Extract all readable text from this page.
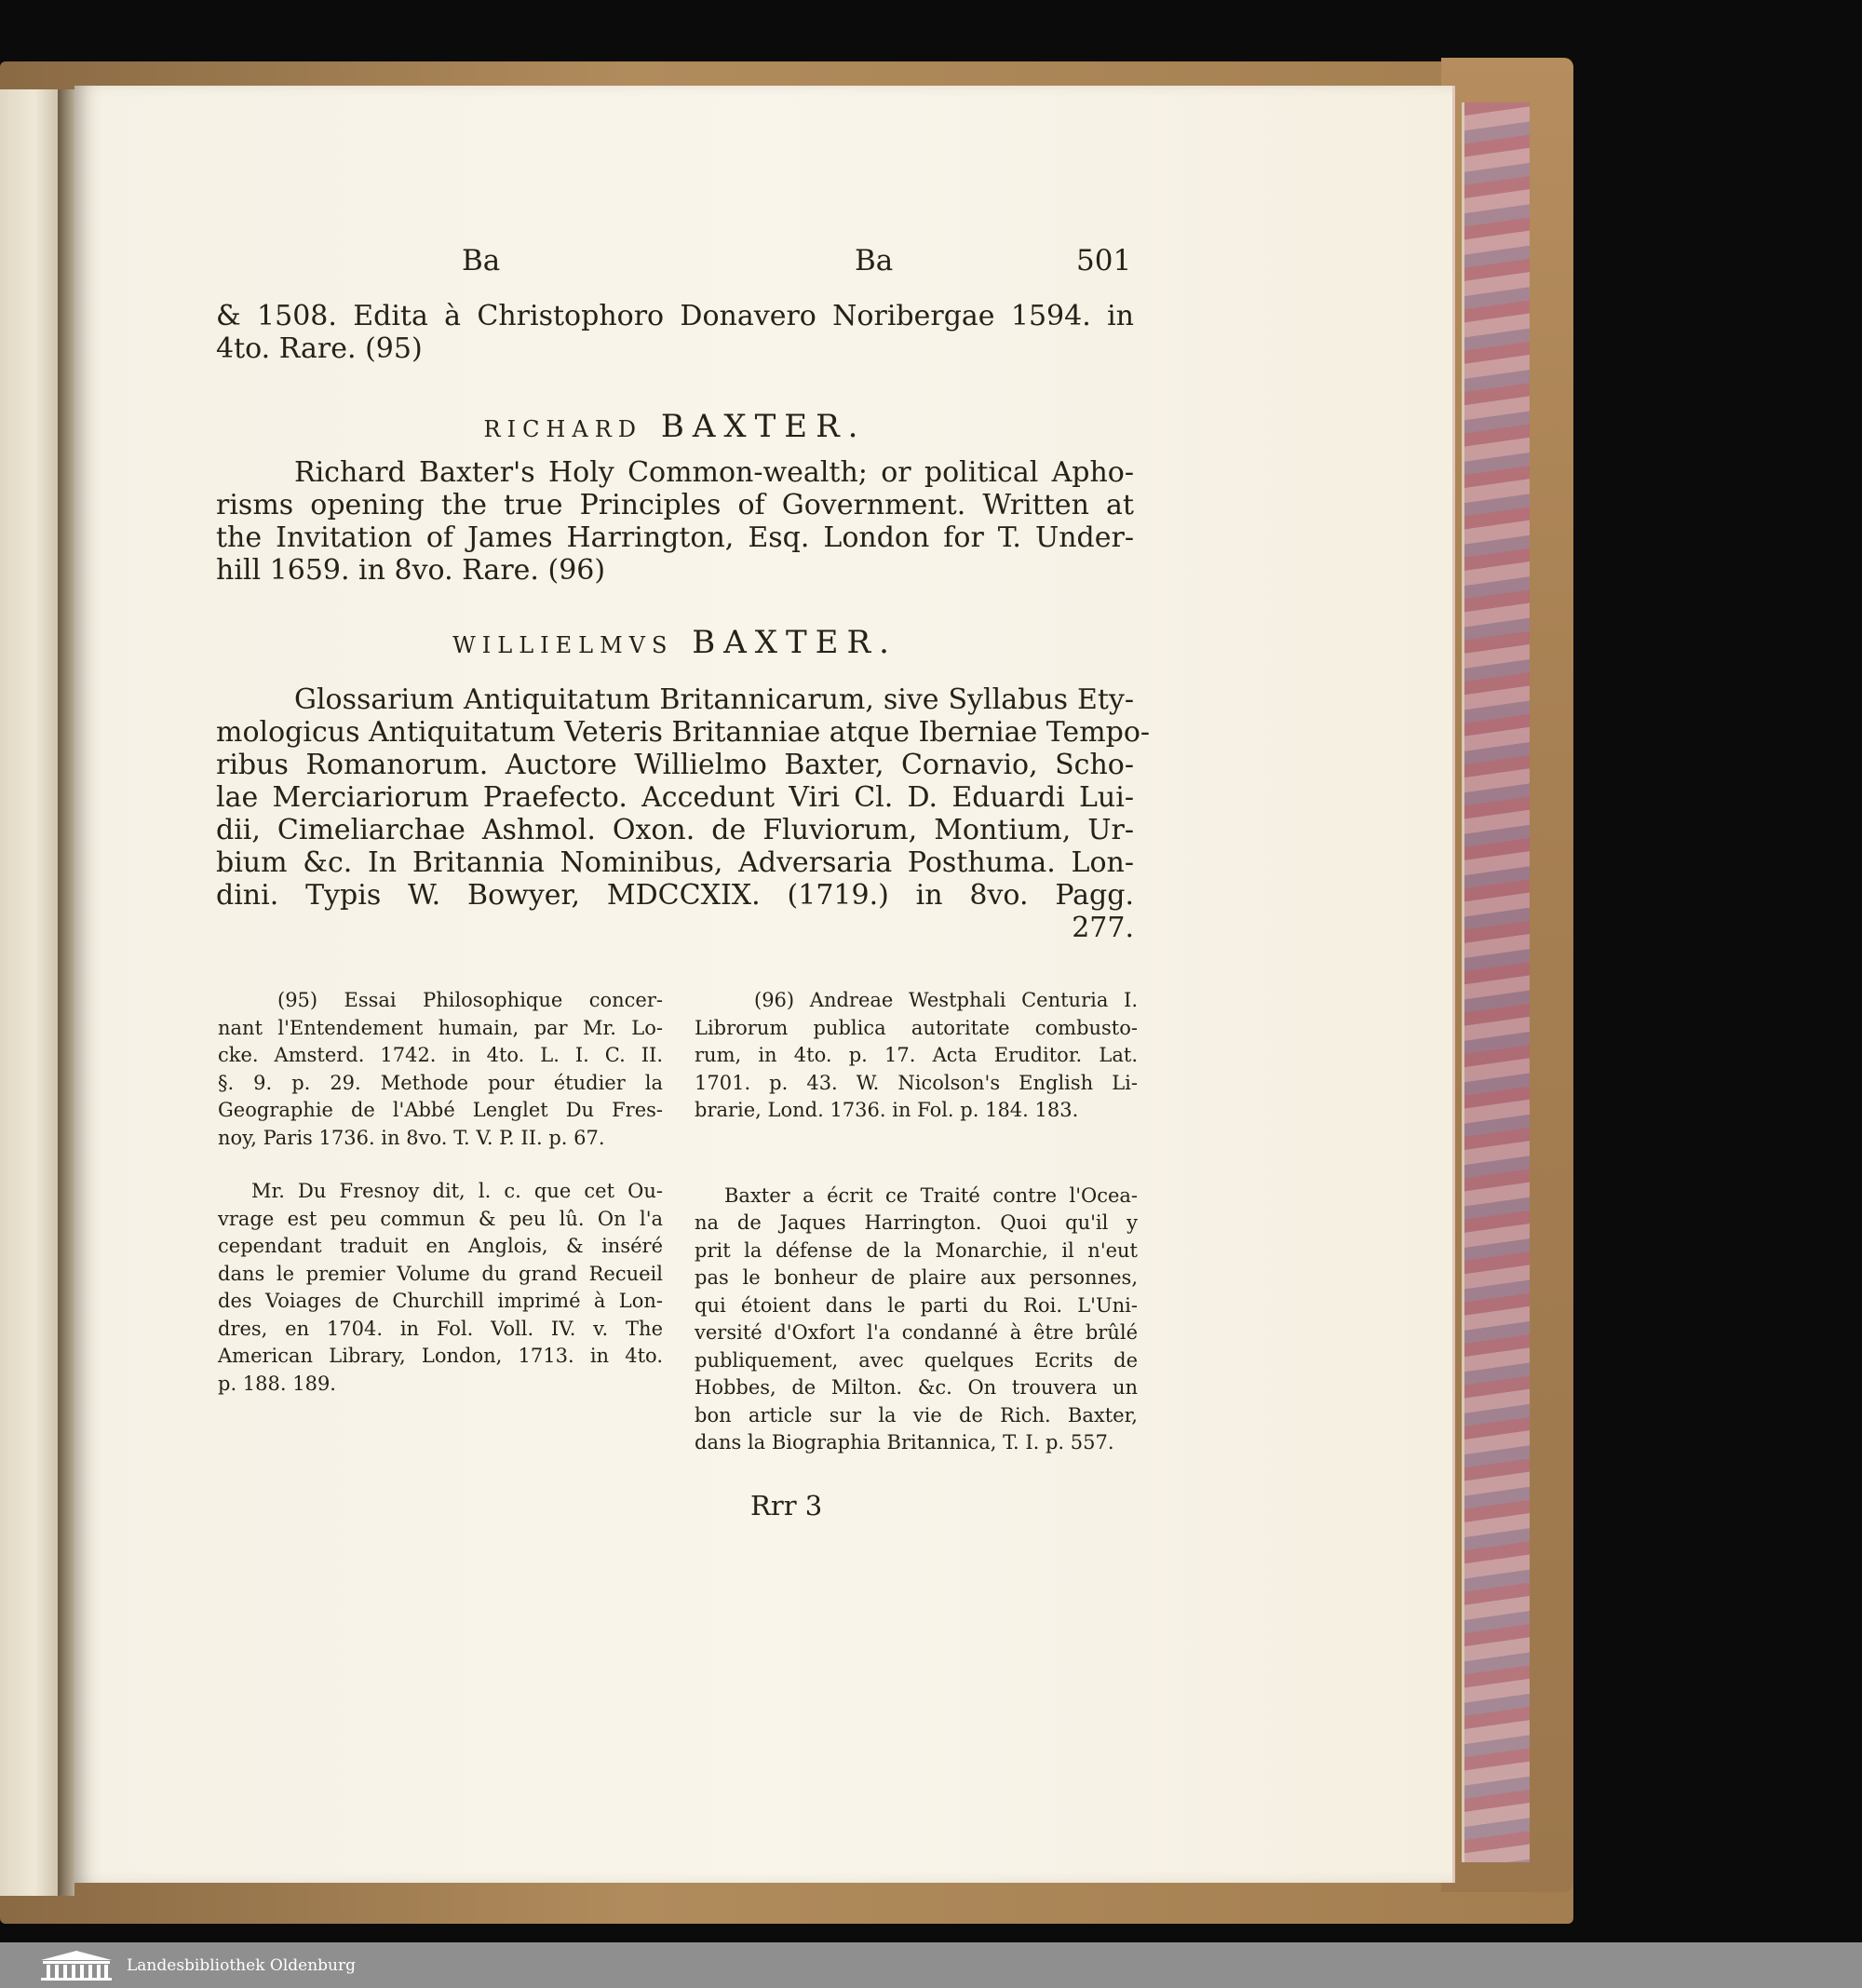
Ba	Ba	501
& 1508. Edita à Christophoro Donavero Noribergae 1594. in
4to. Rare. (95)
RICHARD BAXTER.
Richard Baxter's Holy Common-wealth; or political Apho-
risms opening the true Principles of Government. Written at
the Invitation of James Harrington, Esq. London for T. Under-
hill 1659. in 8vo. Rare. (96)
WILLIELMVS BAXTER.
Glossarium Antiquitatum Britannicarum, sive Syllabus Ety-
mologicus Antiquitatum Veteris Britanniae atque Iberniae Tempo-
ribus Romanorum. Auctore Willielmo Baxter, Cornavio, Scho-
lae Merciariorum Praefecto. Accedunt Viri Cl. D. Eduardi Lui-
dii, Cimeliarchae Ashmol. Oxon. de Fluviorum, Montium, Ur-
bium &c. In Britannia Nominibus, Adversaria Posthuma. Lon-
dini. Typis W. Bowyer, MDCCXIX. (1719.) in 8vo. Pagg.
277.
(95) Essai Philosophique concer-
nant l'Entendement humain, par Mr. Lo-
cke. Amsterd. 1742. in 4to. L. I. C. II.
§. 9. p. 29. Methode pour étudier la
Geographie de l'Abbé Lenglet Du Fres-
noy, Paris 1736. in 8vo. T. V. P. II. p. 67.
Mr. Du Fresnoy dit, l. c. que cet Ou-
vrage est peu commun & peu lû. On l'a
cependant traduit en Anglois, & inséré
dans le premier Volume du grand Recueil
des Voiages de Churchill imprimé à Lon-
dres, en 1704. in Fol. Voll. IV. v. The
American Library, London, 1713. in 4to.
p. 188. 189.
(96) Andreae Westphali Centuria I.
Librorum publica autoritate combusto-
rum, in 4to. p. 17. Acta Eruditor. Lat.
1701. p. 43. W. Nicolson's English Li-
brarie, Lond. 1736. in Fol. p. 184. 183.
Baxter a écrit ce Traité contre l'Ocea-
na de Jaques Harrington. Quoi qu'il y
prit la défense de la Monarchie, il n'eut
pas le bonheur de plaire aux personnes,
qui étoient dans le parti du Roi. L'Uni-
versité d'Oxfort l'a condanné à être brûlé
publiquement, avec quelques Ecrits de
Hobbes, de Milton. &c. On trouvera un
bon article sur la vie de Rich. Baxter,
dans la Biographia Britannica, T. I. p. 557.
Rrr 3
Landesbibliothek Oldenburg
